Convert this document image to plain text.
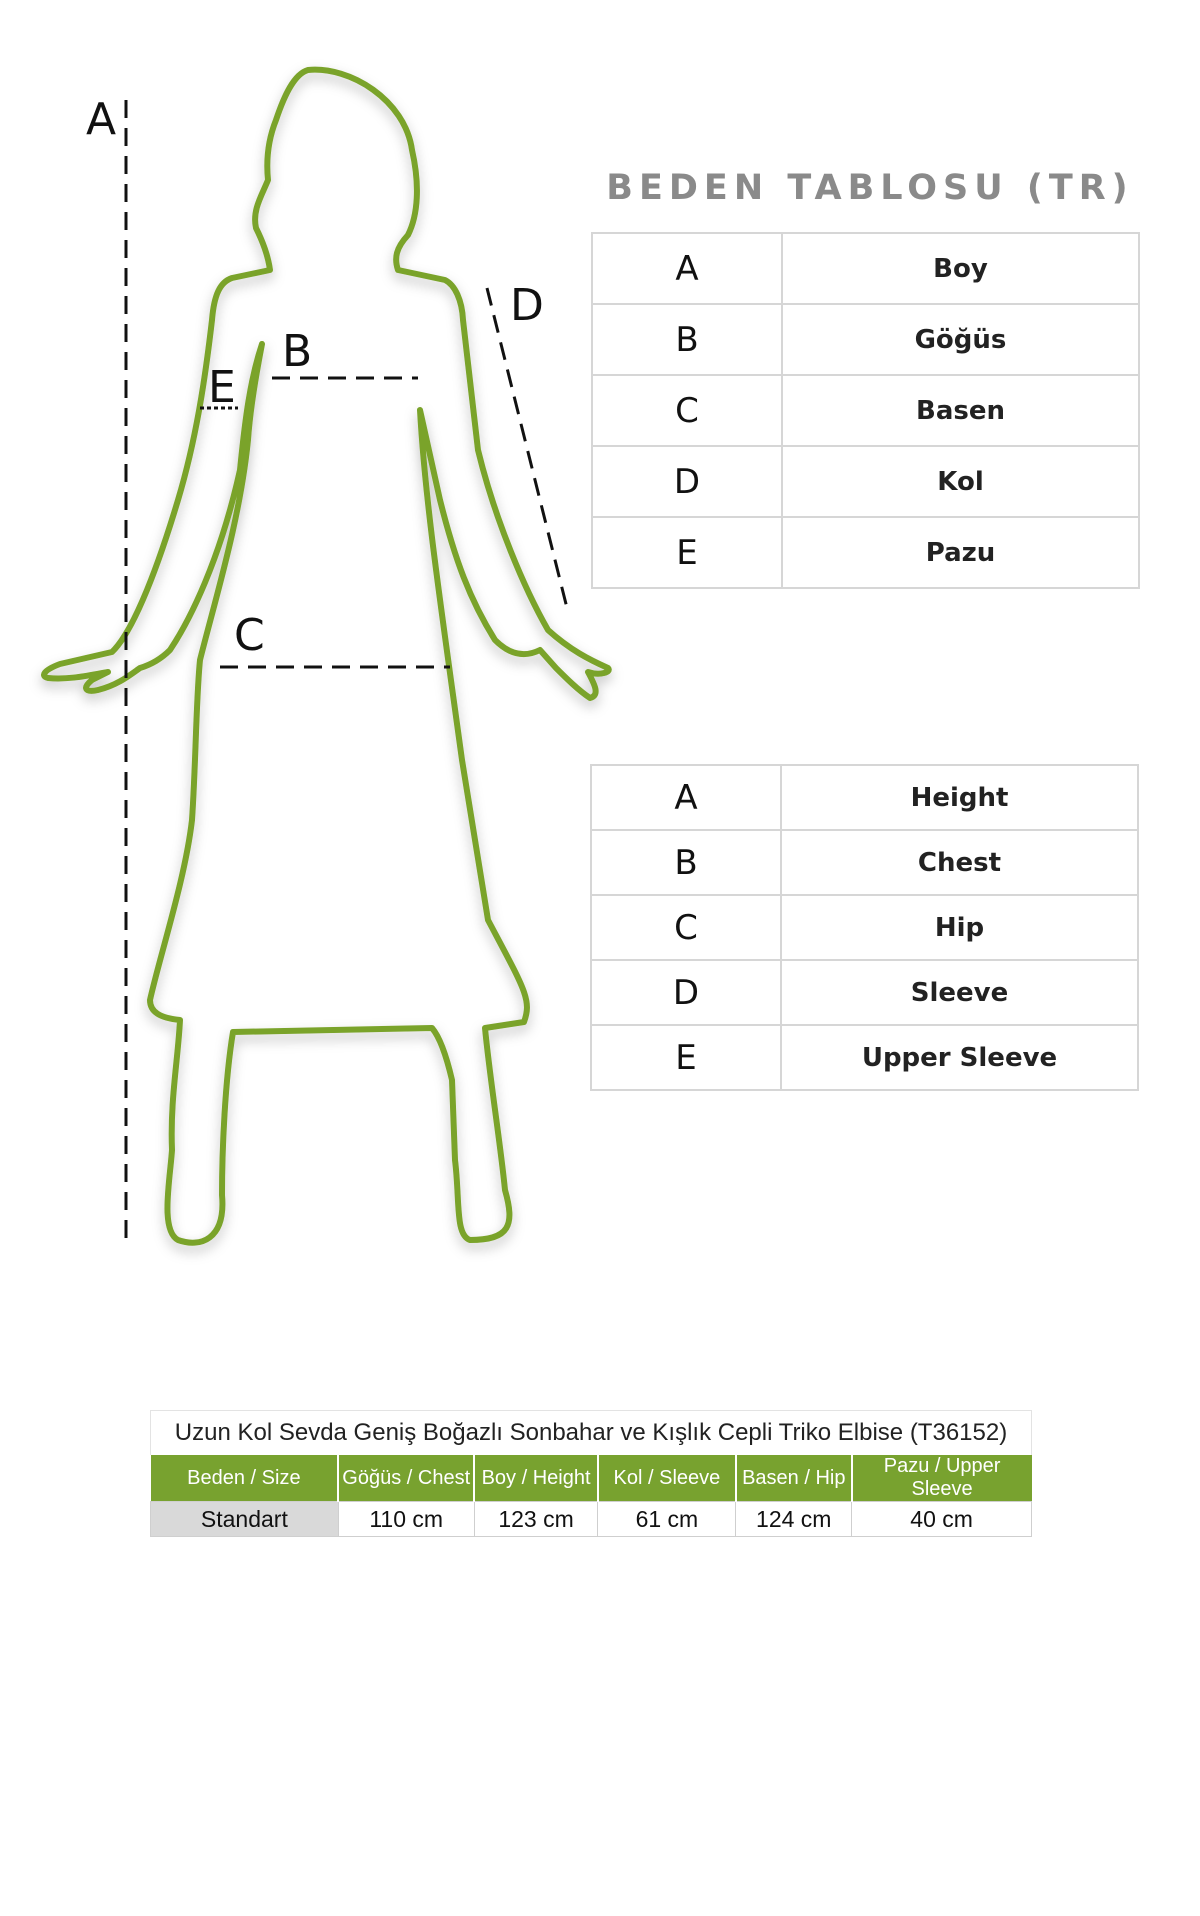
A
B
C
D
E
BEDEN TABLOSU (TR)
A	Boy
B	Göğüs
C	Basen
D	Kol
E	Pazu
A	Height
B	Chest
C	Hip
D	Sleeve
E	Upper Sleeve
Uzun Kol Sevda Geniş Boğazlı Sonbahar ve Kışlık Cepli Triko Elbise (T36152)					
Beden / Size	Göğüs / Chest	Boy / Height	Kol / Sleeve	Basen / Hip	Pazu / Upper Sleeve
Standart	110 cm	123 cm	61 cm	124 cm	40 cm
